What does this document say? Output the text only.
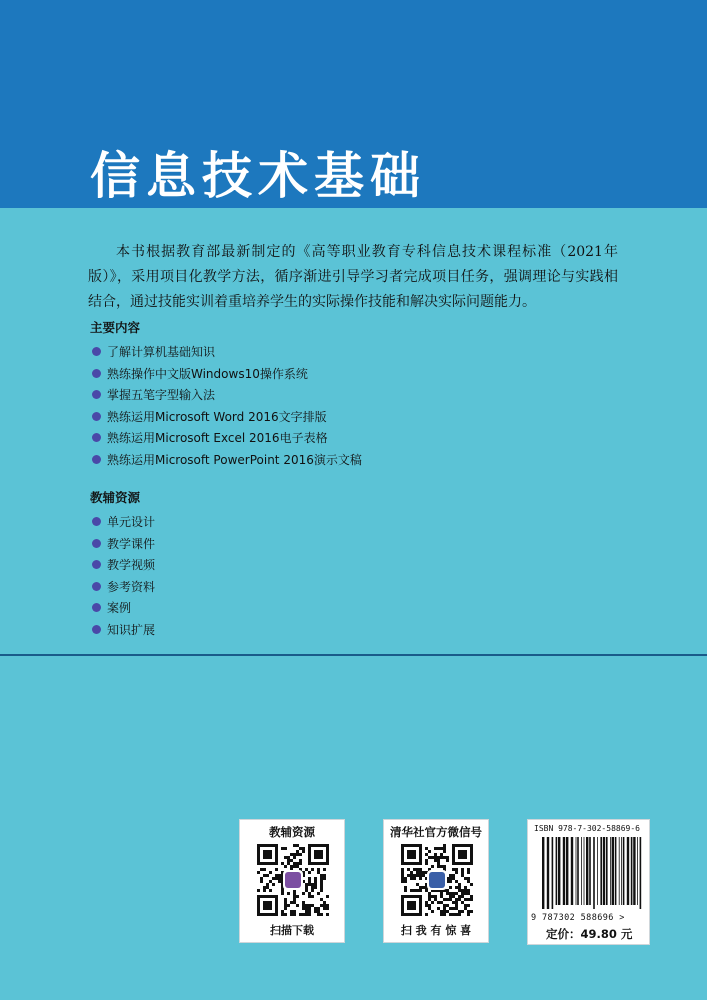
信息技术基础

本书根据教育部最新制定的《高等职业教育专科信息技术课程标准（2021年版）》，采用项目化教学方法，循序渐进引导学习者完成项目任务，强调理论与实践相结合，通过技能实训着重培养学生的实际操作技能和解决实际问题能力。

主要内容
了解计算机基础知识
熟练操作中文版Windows10操作系统
掌握五笔字型输入法
熟练运用Microsoft Word 2016文字排版
熟练运用Microsoft Excel 2016电子表格
熟练运用Microsoft PowerPoint 2016演示文稿
教辅资源
单元设计
教学课件
教学视频
参考资料
案例
知识扩展
教辅资源
扫描下载
清华社官方微信号
扫 我 有 惊 喜
ISBN 978-7-302-58869-6
9 787302 588696 >
定价：49.80 元
